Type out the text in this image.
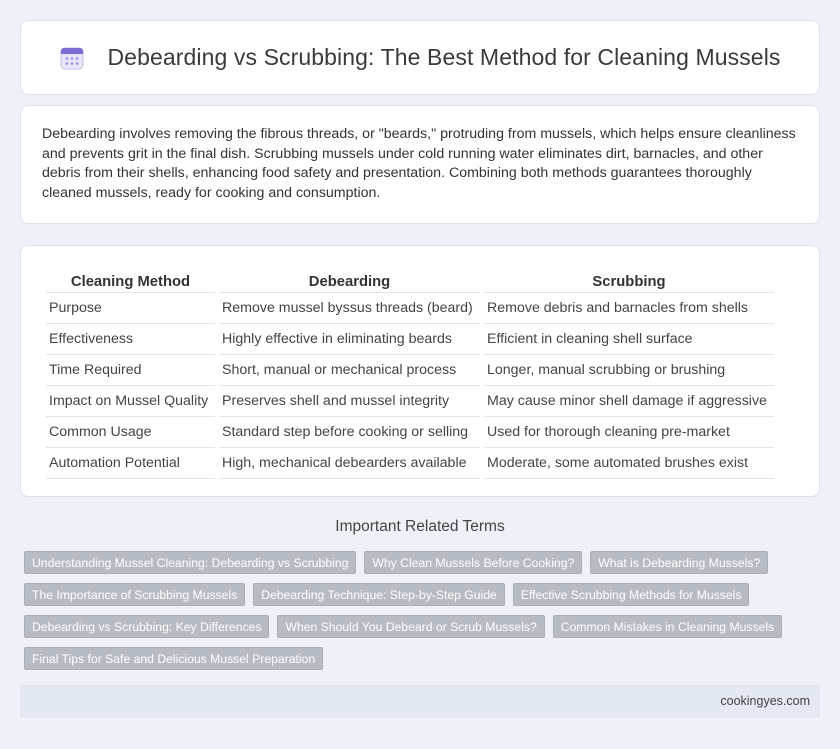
Debearding vs Scrubbing: The Best Method for Cleaning Mussels

Debearding involves removing the fibrous threads, or "beards," protruding from mussels, which helps ensure cleanliness and prevents grit in the final dish. Scrubbing mussels under cold running water eliminates dirt, barnacles, and other debris from their shells, enhancing food safety and presentation. Combining both methods guarantees thoroughly cleaned mussels, ready for cooking and consumption.

Cleaning Method	Debearding	Scrubbing
Purpose	Remove mussel byssus threads (beard)	Remove debris and barnacles from shells
Effectiveness	Highly effective in eliminating beards	Efficient in cleaning shell surface
Time Required	Short, manual or mechanical process	Longer, manual scrubbing or brushing
Impact on Mussel Quality	Preserves shell and mussel integrity	May cause minor shell damage if aggressive
Common Usage	Standard step before cooking or selling	Used for thorough cleaning pre-market
Automation Potential	High, mechanical debearders available	Moderate, some automated brushes exist
Important Related Terms
Understanding Mussel Cleaning: Debearding vs Scrubbing	Why Clean Mussels Before Cooking?	What is Debearding Mussels?
The Importance of Scrubbing Mussels	Debearding Technique: Step-by-Step Guide	Effective Scrubbing Methods for Mussels
Debearding vs Scrubbing: Key Differences	When Should You Debeard or Scrub Mussels?	Common Mistakes in Cleaning Mussels
Final Tips for Safe and Delicious Mussel Preparation
cookingyes.com
